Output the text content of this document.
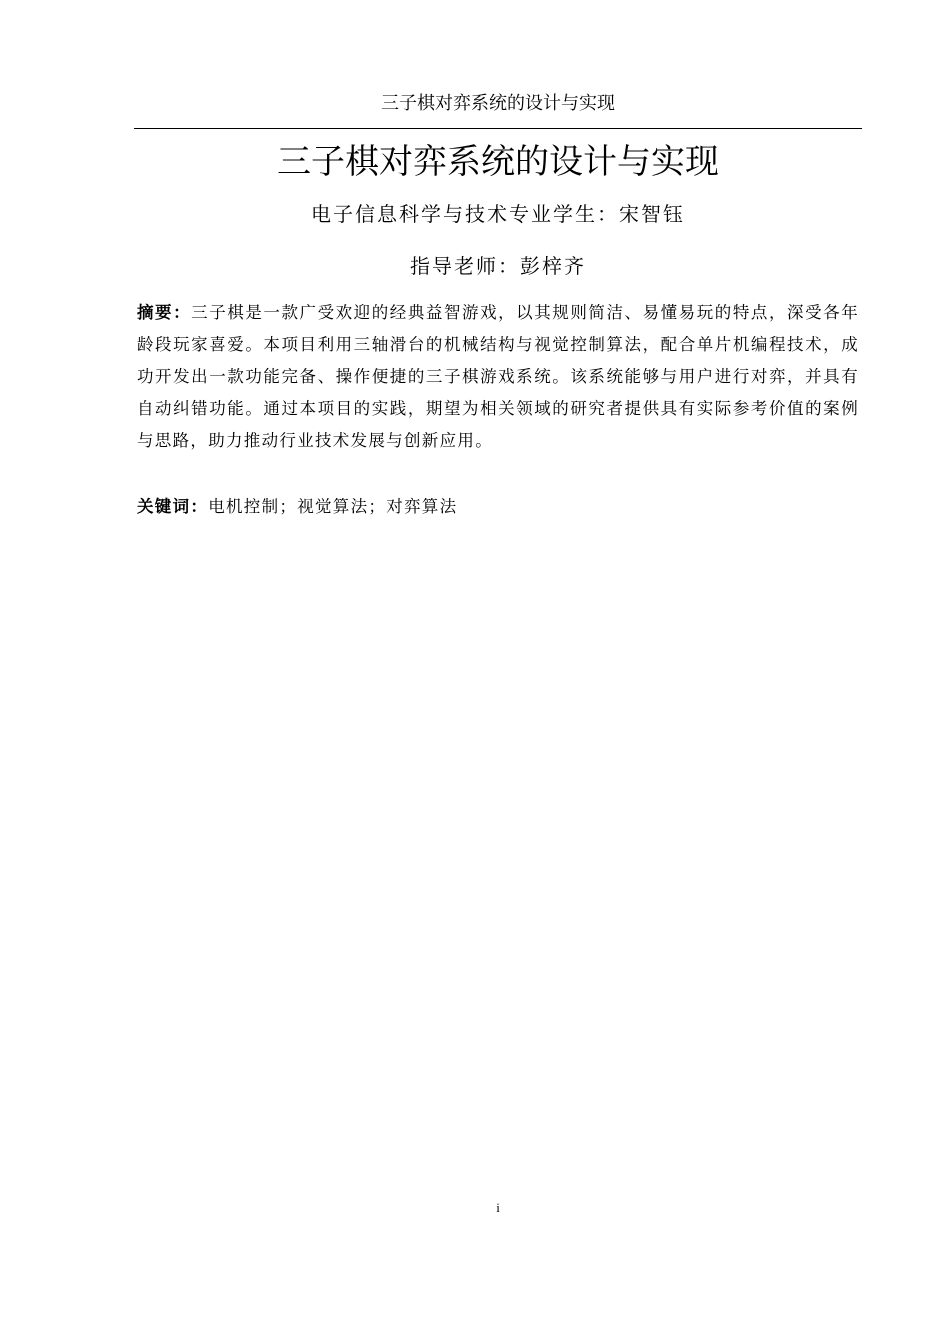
三子棋对弈系统的设计与实现
三子棋对弈系统的设计与实现
电子信息科学与技术专业学生：宋智钰
指导老师：彭梓齐

摘要：三子棋是一款广受欢迎的经典益智游戏，以其规则简洁、易懂易玩的特点，深受各年龄段玩家喜爱。本项目利用三轴滑台的机械结构与视觉控制算法，配合单片机编程技术，成功开发出一款功能完备、操作便捷的三子棋游戏系统。该系统能够与用户进行对弈，并具有自动纠错功能。通过本项目的实践，期望为相关领域的研究者提供具有实际参考价值的案例与思路，助力推动行业技术发展与创新应用。

关键词：电机控制；视觉算法；对弈算法

i
